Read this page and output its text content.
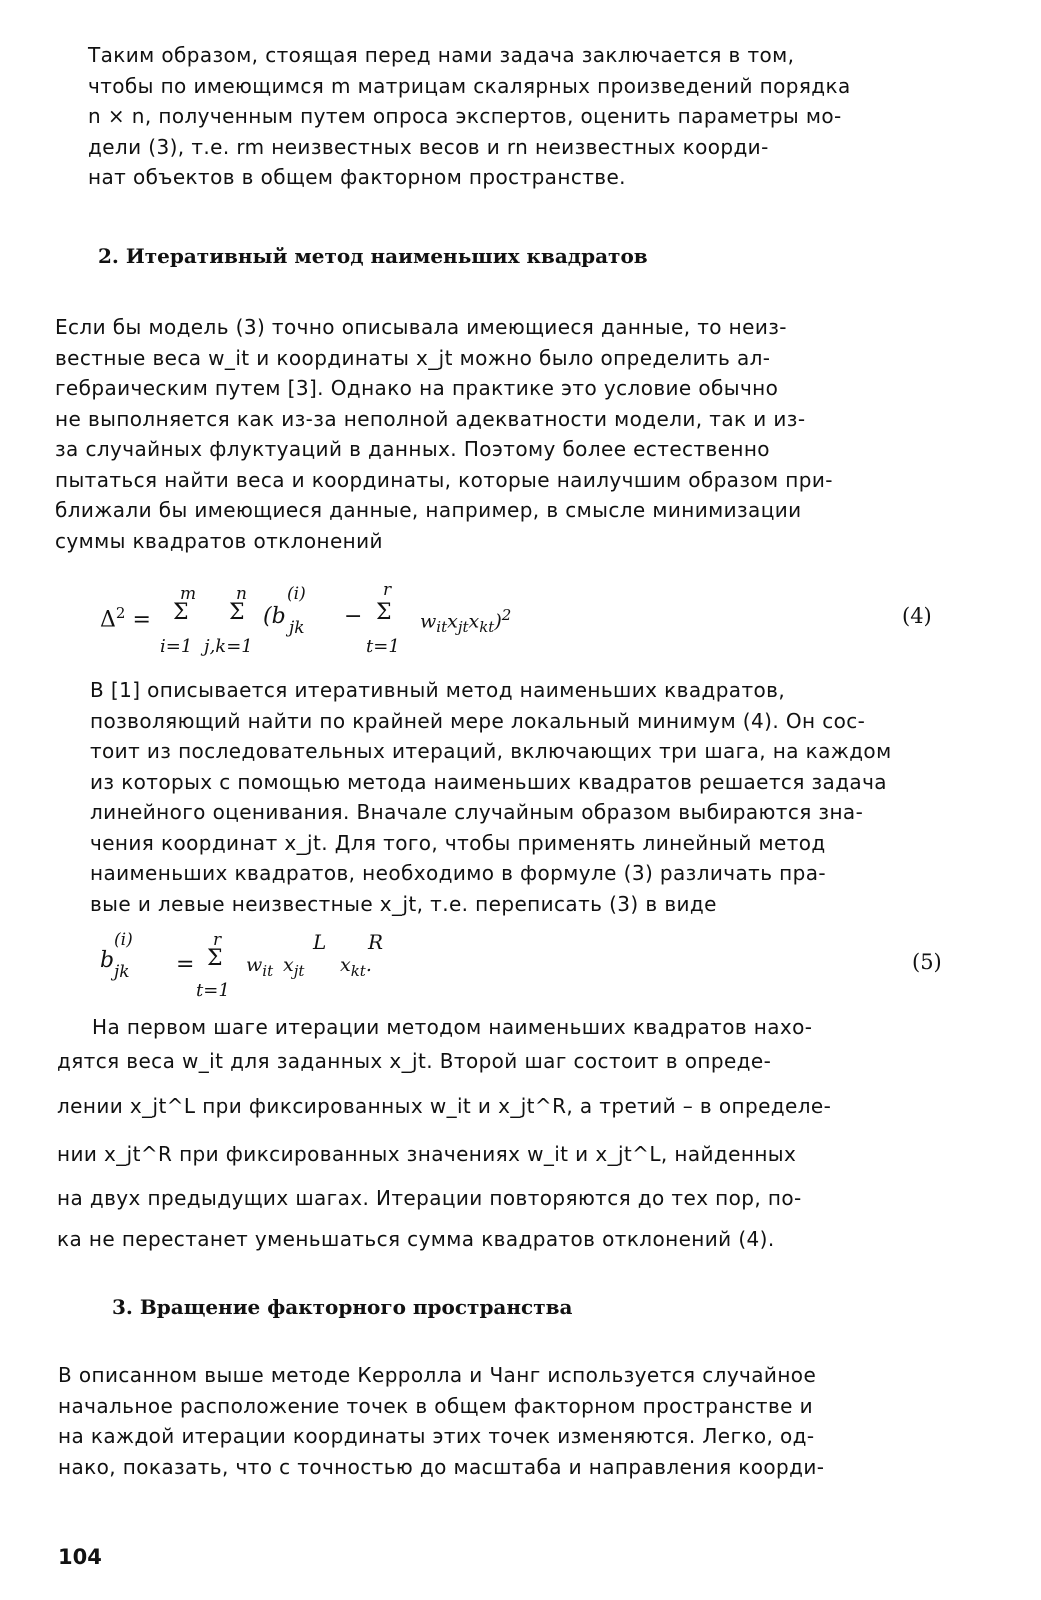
Таким образом, стоящая перед нами задача заключается в том,
чтобы по имеющимся m матрицам скалярных произведений порядка
n × n, полученным путем опроса экспертов, оценить параметры мо-
дели (3), т.е. rm неизвестных весов и rn неизвестных коорди-
нат объектов в общем факторном пространстве.
2. Итеративный метод наименьших квадратов
Если бы модель (3) точно описывала имеющиеся данные, то неиз-
вестные веса w_it и координаты x_jt можно было определить ал-
гебраическим путем [3]. Однако на практике это условие обычно
не выполняется как из-за неполной адекватности модели, так и из-
за случайных флуктуаций в данных. Поэтому более естественно
пытаться найти веса и координаты, которые наилучшим образом при-
ближали бы имеющиеся данные, например, в смысле минимизации
суммы квадратов отклонений
$\Delta^2$ =
m
Σ
i=1
n
Σ
j,k=1
(b
(i)
jk −
r
Σ
t=1
$w_{it}x_{jt}x_{kt})^2$	(4)
В [1] описывается итеративный метод наименьших квадратов,
позволяющий найти по крайней мере локальный минимум (4). Он сос-
тоит из последовательных итераций, включающих три шага, на каждом
из которых с помощью метода наименьших квадратов решается задача
линейного оценивания. Вначале случайным образом выбираются зна-
чения координат x_jt. Для того, чтобы применять линейный метод
наименьших квадратов, необходимо в формуле (3) различать пра-
вые и левые неизвестные x_jt, т.е. переписать (3) в виде
b
(i)
jk =
r
Σ
t=1
$w_{it}$ $x_{jt}$
L
$x_{kt}$.
R
(5)
На первом шаге итерации методом наименьших квадратов нахо-
дятся веса w_it для заданных x_jt. Второй шаг состоит в опреде-
лении x_jt^L при фиксированных w_it и x_jt^R, а третий – в определе-
нии x_jt^R при фиксированных значениях w_it и x_jt^L, найденных
на двух предыдущих шагах. Итерации повторяются до тех пор, по-
ка не перестанет уменьшаться сумма квадратов отклонений (4).
3. Вращение факторного пространства
В описанном выше методе Керролла и Чанг используется случайное
начальное расположение точек в общем факторном пространстве и
на каждой итерации координаты этих точек изменяются. Легко, од-
нако, показать, что с точностью до масштаба и направления коорди-
104
